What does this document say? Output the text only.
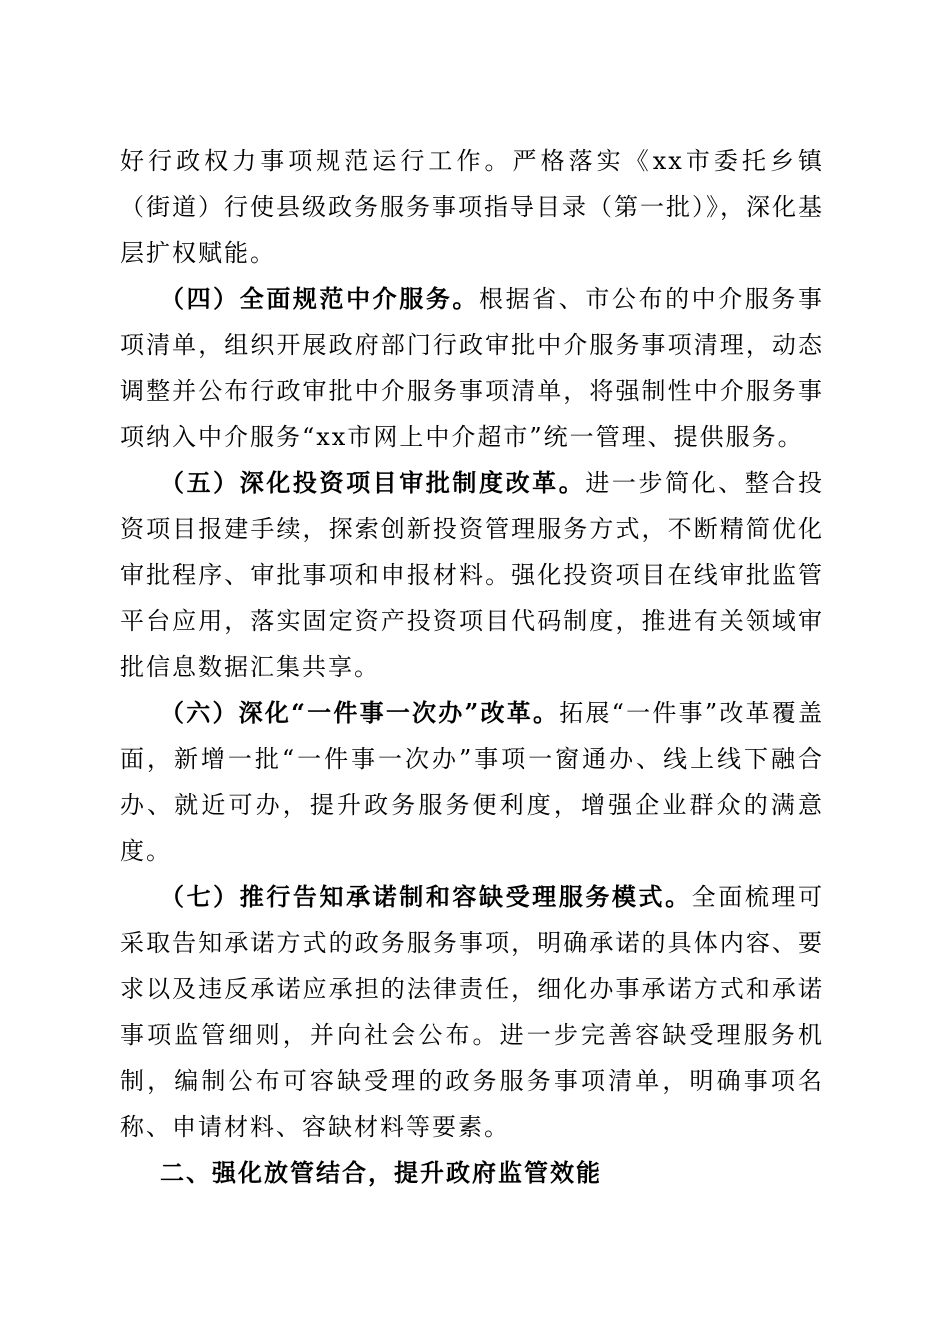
好行政权力事项规范运行工作。严格落实《xx市委托乡镇（街道）行使县级政务服务事项指导目录（第一批）》，深化基层扩权赋能。

（四）全面规范中介服务。根据省、市公布的中介服务事项清单，组织开展政府部门行政审批中介服务事项清理，动态调整并公布行政审批中介服务事项清单，将强制性中介服务事项纳入中介服务“xx市网上中介超市”统一管理、提供服务。

（五）深化投资项目审批制度改革。进一步简化、整合投资项目报建手续，探索创新投资管理服务方式，不断精简优化审批程序、审批事项和申报材料。强化投资项目在线审批监管平台应用，落实固定资产投资项目代码制度，推进有关领域审批信息数据汇集共享。

（六）深化“一件事一次办”改革。拓展“一件事”改革覆盖面，新增一批“一件事一次办”事项一窗通办、线上线下融合办、就近可办，提升政务服务便利度，增强企业群众的满意度。

（七）推行告知承诺制和容缺受理服务模式。全面梳理可采取告知承诺方式的政务服务事项，明确承诺的具体内容、要求以及违反承诺应承担的法律责任，细化办事承诺方式和承诺事项监管细则，并向社会公布。进一步完善容缺受理服务机制，编制公布可容缺受理的政务服务事项清单，明确事项名称、申请材料、容缺材料等要素。

二、强化放管结合，提升政府监管效能
